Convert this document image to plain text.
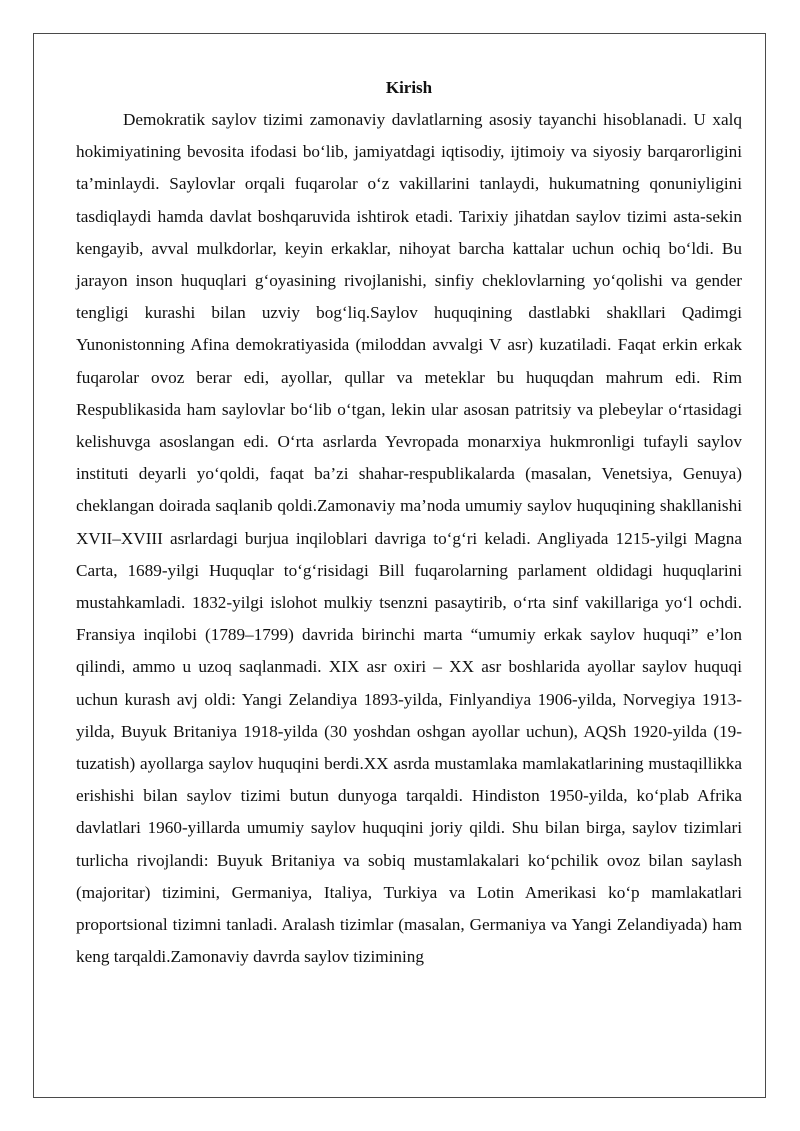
Kirish

Demokratik saylov tizimi zamonaviy davlatlarning asosiy tayanchi hisoblanadi. U xalq hokimiyatining bevosita ifodasi bo‘lib, jamiyatdagi iqtisodiy, ijtimoiy va siyosiy barqarorligini ta’minlaydi. Saylovlar orqali fuqarolar o‘z vakillarini tanlaydi, hukumatning qonuniyligini tasdiqlaydi hamda davlat boshqaruvida ishtirok etadi. Tarixiy jihatdan saylov tizimi asta-sekin kengayib, avval mulkdorlar, keyin erkaklar, nihoyat barcha kattalar uchun ochiq bo‘ldi. Bu jarayon inson huquqlari g‘oyasining rivojlanishi, sinfiy cheklovlarning yo‘qolishi va gender tengligi kurashi bilan uzviy bog‘liq.Saylov huquqining dastlabki shakllari Qadimgi Yunonistonning Afina demokratiyasida (miloddan avvalgi V asr) kuzatiladi. Faqat erkin erkak fuqarolar ovoz berar edi, ayollar, qullar va meteklar bu huquqdan mahrum edi. Rim Respublikasida ham saylovlar bo‘lib o‘tgan, lekin ular asosan patritsiy va plebeylar o‘rtasidagi kelishuvga asoslangan edi. O‘rta asrlarda Yevropada monarxiya hukmronligi tufayli saylov instituti deyarli yo‘qoldi, faqat ba’zi shahar-respublikalarda (masalan, Venetsiya, Genuya) cheklangan doirada saqlanib qoldi.Zamonaviy ma’noda umumiy saylov huquqining shakllanishi XVII–XVIII asrlardagi burjua inqiloblari davriga to‘g‘ri keladi. Angliyada 1215-yilgi Magna Carta, 1689-yilgi Huquqlar to‘g‘risidagi Bill fuqarolarning parlament oldidagi huquqlarini mustahkamladi. 1832-yilgi islohot mulkiy tsenzni pasaytirib, o‘rta sinf vakillariga yo‘l ochdi. Fransiya inqilobi (1789–1799) davrida birinchi marta “umumiy erkak saylov huquqi” e’lon qilindi, ammo u uzoq saqlanmadi. XIX asr oxiri – XX asr boshlarida ayollar saylov huquqi uchun kurash avj oldi: Yangi Zelandiya 1893-yilda, Finlyandiya 1906-yilda, Norvegiya 1913-yilda, Buyuk Britaniya 1918-yilda (30 yoshdan oshgan ayollar uchun), AQSh 1920-yilda (19-tuzatish) ayollarga saylov huquqini berdi.XX asrda mustamlaka mamlakatlarining mustaqillikka erishishi bilan saylov tizimi butun dunyoga tarqaldi. Hindiston 1950-yilda, ko‘plab Afrika davlatlari 1960-yillarda umumiy saylov huquqini joriy qildi. Shu bilan birga, saylov tizimlari turlicha rivojlandi: Buyuk Britaniya va sobiq mustamlakalari ko‘pchilik ovoz bilan saylash (majoritar) tizimini, Germaniya, Italiya, Turkiya va Lotin Amerikasi ko‘p mamlakatlari proportsional tizimni tanladi. Aralash tizimlar (masalan, Germaniya va Yangi Zelandiyada) ham keng tarqaldi.Zamonaviy davrda saylov tizimining
